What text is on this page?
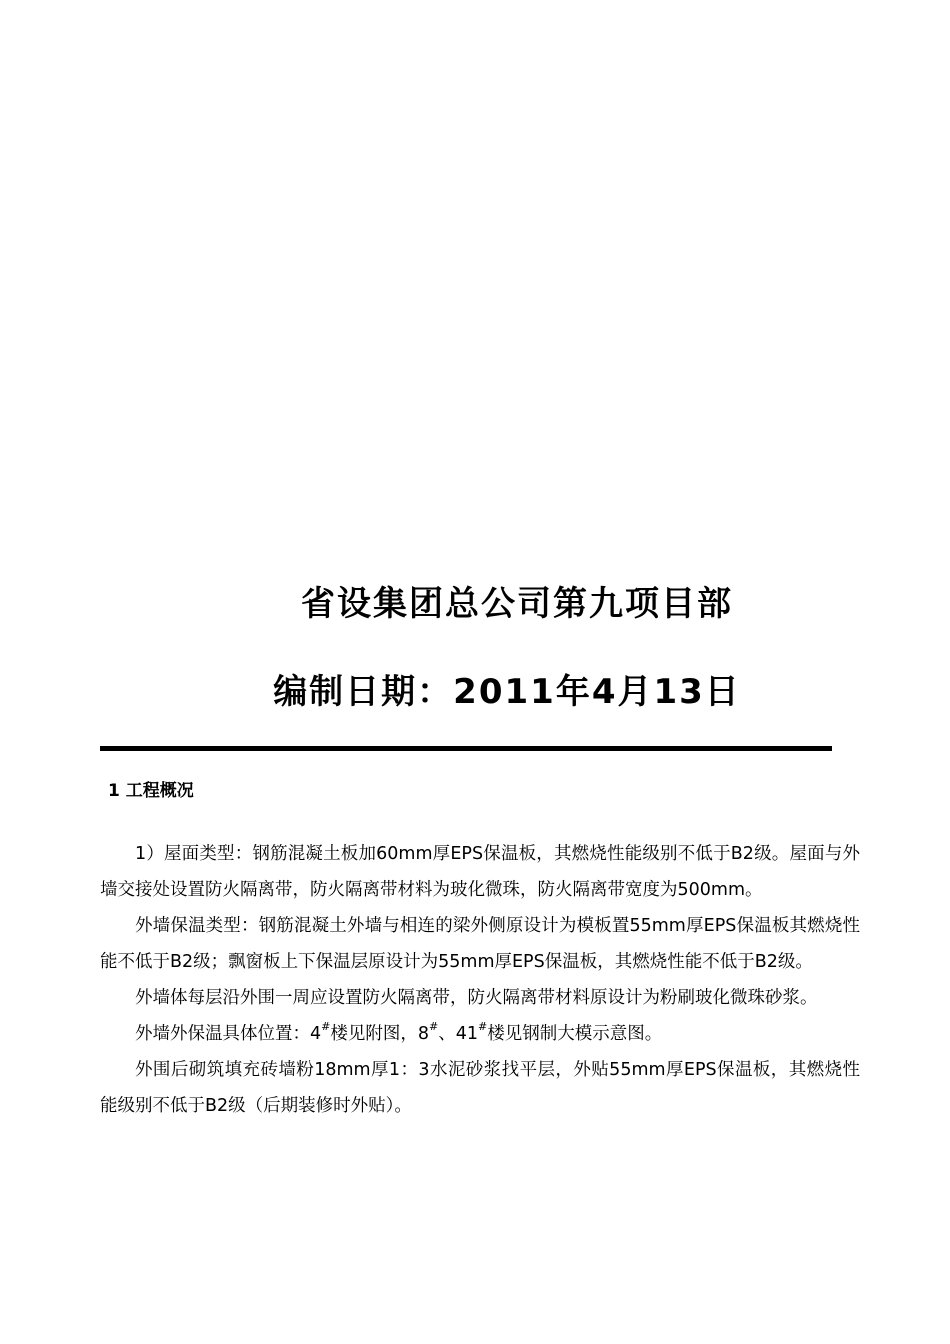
省设集团总公司第九项目部
编制日期：2011年4月13日
1 工程概况

1）屋面类型：钢筋混凝土板加60mm厚EPS保温板，其燃烧性能级别不低于B2级。屋面与外墙交接处设置防火隔离带，防火隔离带材料为玻化微珠，防火隔离带宽度为500mm。

外墙保温类型：钢筋混凝土外墙与相连的梁外侧原设计为模板置55mm厚EPS保温板其燃烧性能不低于B2级；飘窗板上下保温层原设计为55mm厚EPS保温板，其燃烧性能不低于B2级。

外墙体每层沿外围一周应设置防火隔离带，防火隔离带材料原设计为粉刷玻化微珠砂浆。

外墙外保温具体位置：4#楼见附图，8#、41#楼见钢制大模示意图。

外围后砌筑填充砖墙粉18mm厚1：3水泥砂浆找平层，外贴55mm厚EPS保温板，其燃烧性能级别不低于B2级（后期装修时外贴）。
